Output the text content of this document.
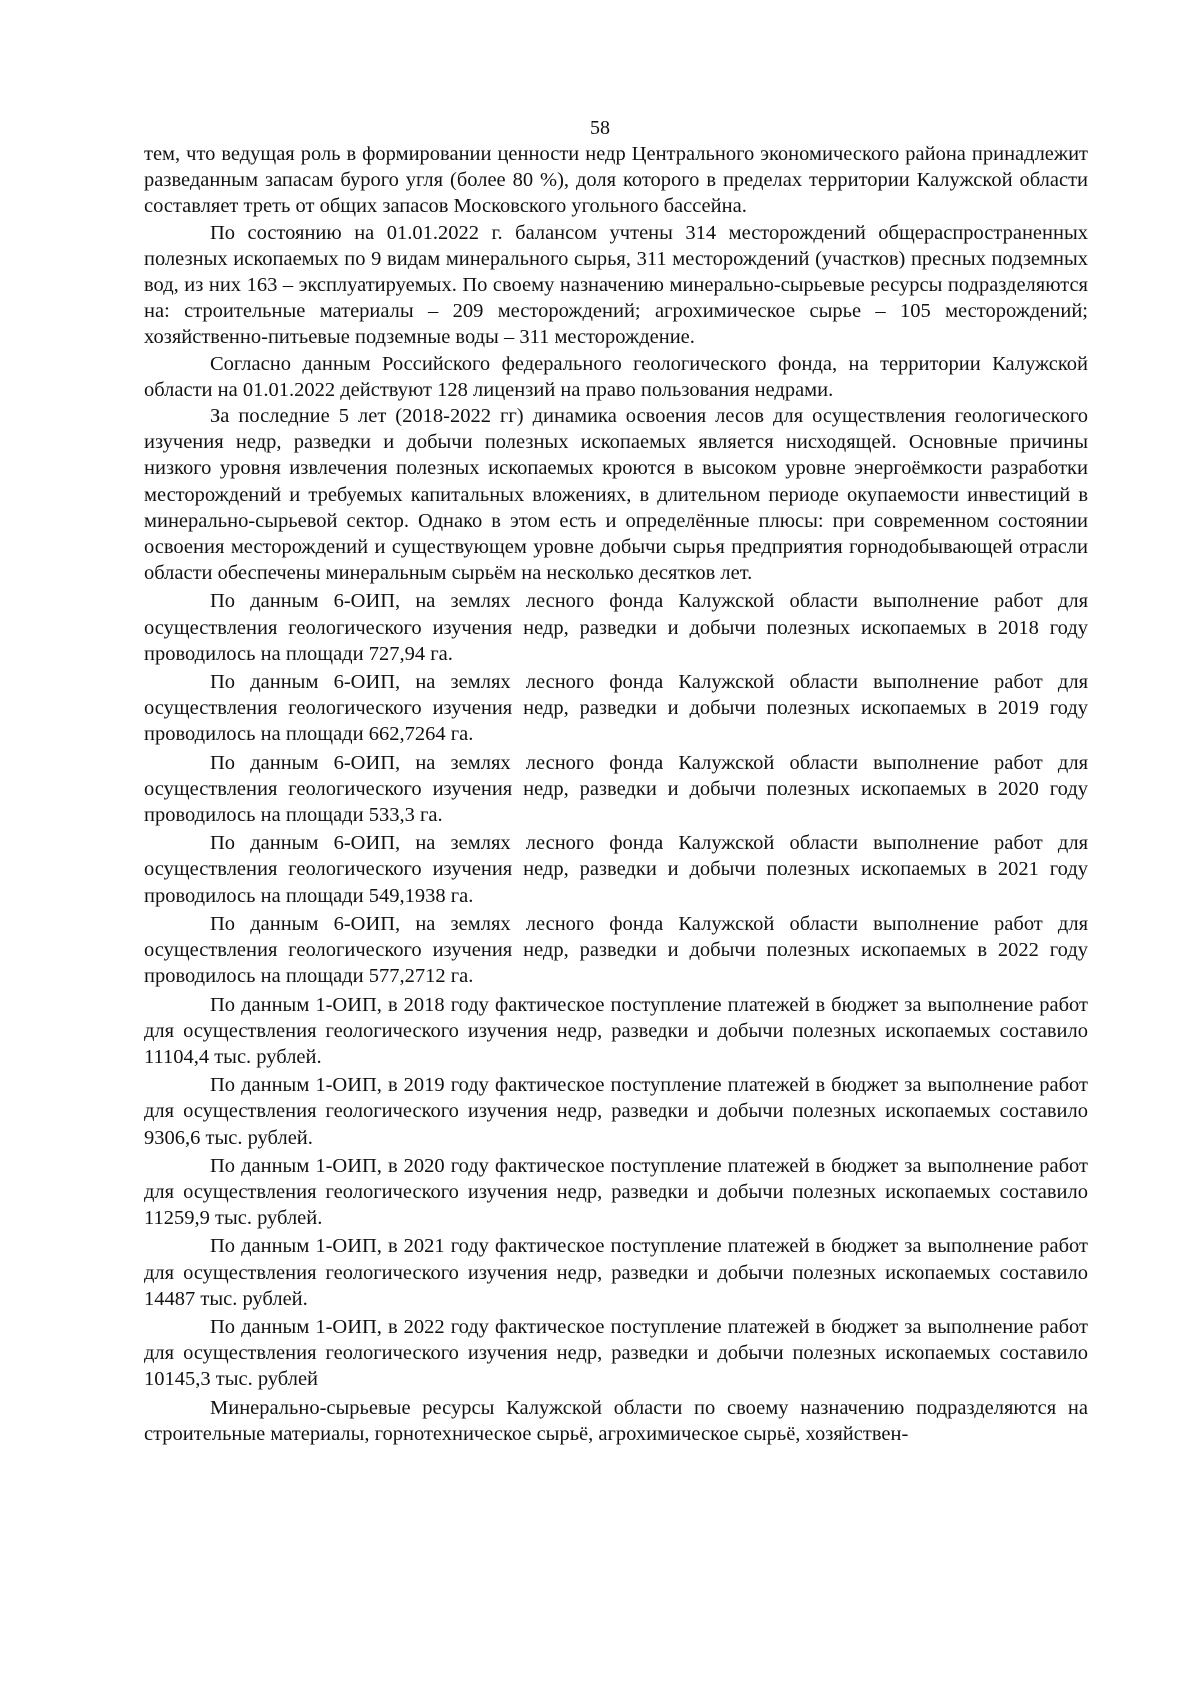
58

тем, что ведущая роль в формировании ценности недр Центрального экономического района принадлежит разведанным запасам бурого угля (более 80 %), доля которого в пределах территории Калужской области составляет треть от общих запасов Московского угольного бассейна.

По состоянию на 01.01.2022 г. балансом учтены 314 месторождений общераспространенных полезных ископаемых по 9 видам минерального сырья, 311 месторождений (участков) пресных подземных вод, из них 163 – эксплуатируемых. По своему назначению минерально-сырьевые ресурсы подразделяются на: строительные материалы – 209 месторождений; агрохимическое сырье – 105 месторождений; хозяйственно-питьевые подземные воды – 311 месторождение.

Согласно данным Российского федерального геологического фонда, на территории Калужской области на 01.01.2022 действуют 128 лицензий на право пользования недрами.

За последние 5 лет (2018-2022 гг) динамика освоения лесов для осуществления геологического изучения недр, разведки и добычи полезных ископаемых является нисходящей. Основные причины низкого уровня извлечения полезных ископаемых кроются в высоком уровне энергоёмкости разработки месторождений и требуемых капитальных вложениях, в длительном периоде окупаемости инвестиций в минерально-сырьевой сектор. Однако в этом есть и определённые плюсы: при современном состоянии освоения месторождений и существующем уровне добычи сырья предприятия горнодобывающей отрасли области обеспечены минеральным сырьём на несколько десятков лет.

По данным 6-ОИП, на землях лесного фонда Калужской области выполнение работ для осуществления геологического изучения недр, разведки и добычи полезных ископаемых в 2018 году проводилось на площади 727,94 га.

По данным 6-ОИП, на землях лесного фонда Калужской области выполнение работ для осуществления геологического изучения недр, разведки и добычи полезных ископаемых в 2019 году проводилось на площади 662,7264 га.

По данным 6-ОИП, на землях лесного фонда Калужской области выполнение работ для осуществления геологического изучения недр, разведки и добычи полезных ископаемых в 2020 году проводилось на площади 533,3 га.

По данным 6-ОИП, на землях лесного фонда Калужской области выполнение работ для осуществления геологического изучения недр, разведки и добычи полезных ископаемых в 2021 году проводилось на площади 549,1938 га.

По данным 6-ОИП, на землях лесного фонда Калужской области выполнение работ для осуществления геологического изучения недр, разведки и добычи полезных ископаемых в 2022 году проводилось на площади 577,2712 га.

По данным 1-ОИП, в 2018 году фактическое поступление платежей в бюджет за выполнение работ для осуществления геологического изучения недр, разведки и добычи полезных ископаемых составило 11104,4 тыс. рублей.

По данным 1-ОИП, в 2019 году фактическое поступление платежей в бюджет за выполнение работ для осуществления геологического изучения недр, разведки и добычи полезных ископаемых составило 9306,6 тыс. рублей.

По данным 1-ОИП, в 2020 году фактическое поступление платежей в бюджет за выполнение работ для осуществления геологического изучения недр, разведки и добычи полезных ископаемых составило 11259,9 тыс. рублей.

По данным 1-ОИП, в 2021 году фактическое поступление платежей в бюджет за выполнение работ для осуществления геологического изучения недр, разведки и добычи полезных ископаемых составило 14487 тыс. рублей.

По данным 1-ОИП, в 2022 году фактическое поступление платежей в бюджет за выполнение работ для осуществления геологического изучения недр, разведки и добычи полезных ископаемых составило 10145,3 тыс. рублей

Минерально-сырьевые ресурсы Калужской области по своему назначению подразделяются на строительные материалы, горнотехническое сырьё, агрохимическое сырьё, хозяйствен-
